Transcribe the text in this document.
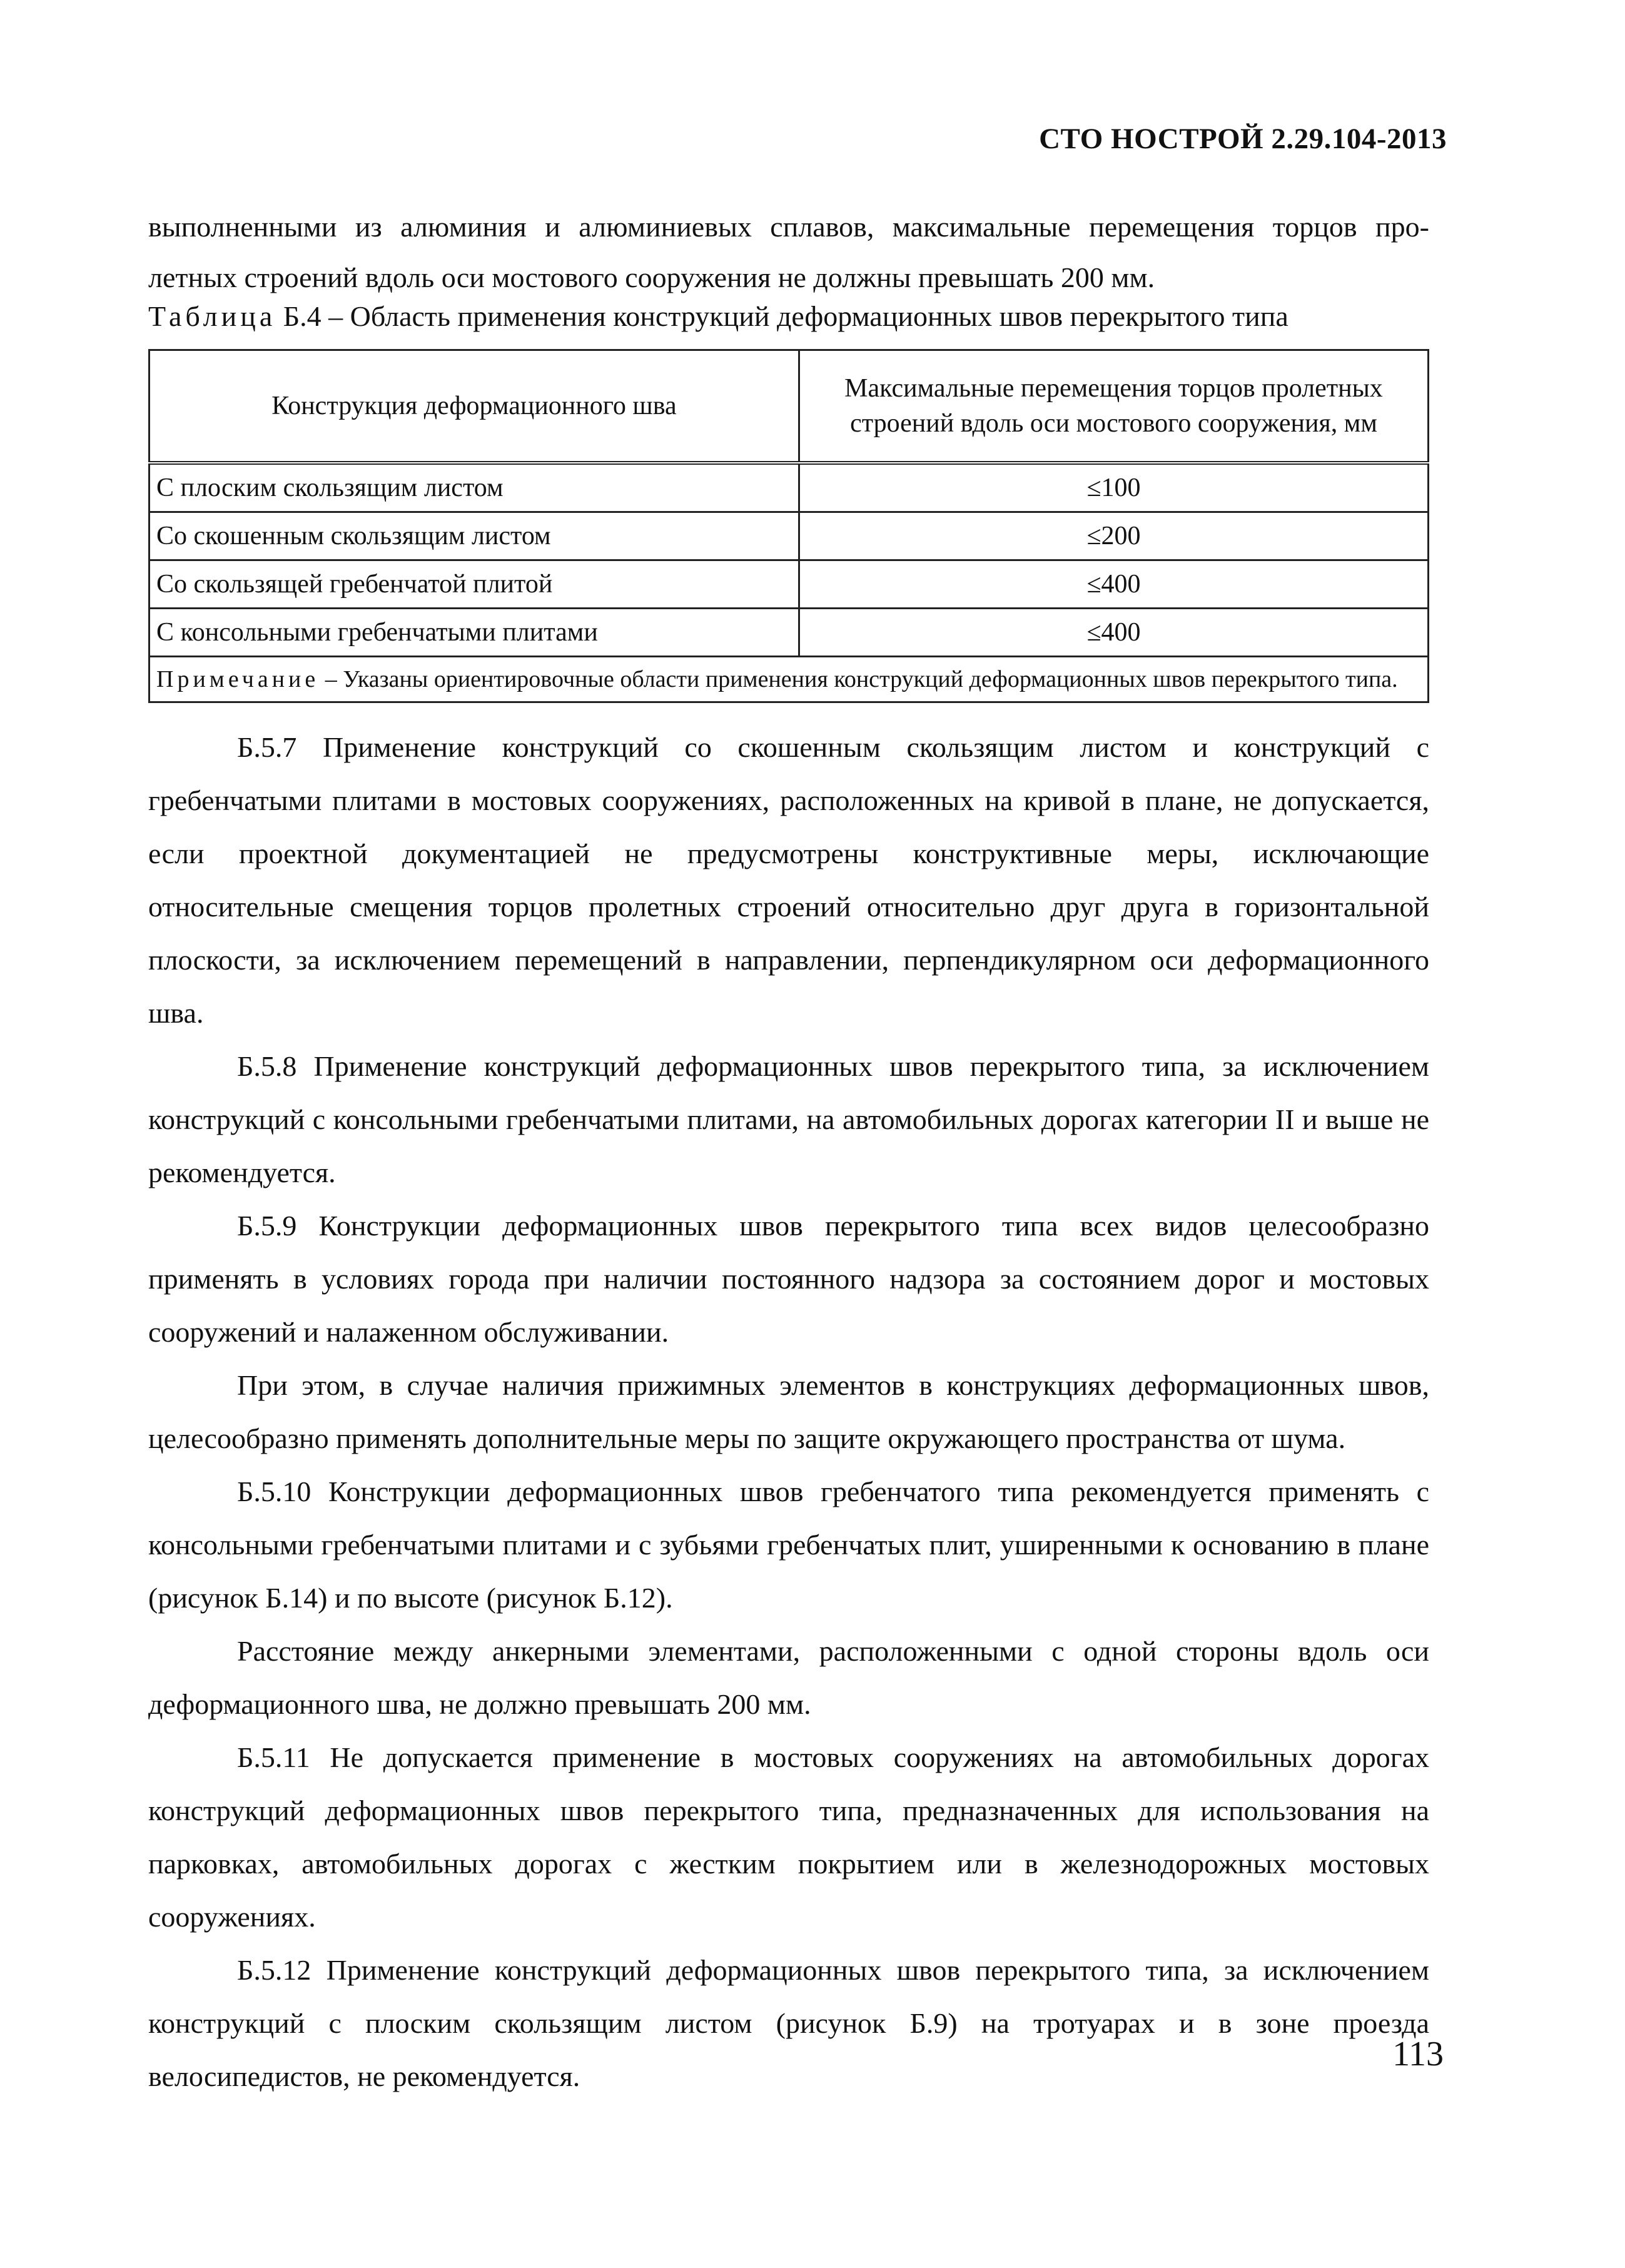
СТО НОСТРОЙ 2.29.104-2013
выполненными из алюминия и алюминиевых сплавов, максимальные перемещения торцов про-
летных строений вдоль оси мостового сооружения не должны превышать 200 мм.
Таблица Б.4 – Область применения конструкций деформационных швов перекрытого типа
Конструкция деформационного шва	Максимальные перемещения торцов пролетных строений вдоль оси мостового сооружения, мм
С плоским скользящим листом	≤100
Со скошенным скользящим листом	≤200
Со скользящей гребенчатой плитой	≤400
С консольными гребенчатыми плитами	≤400
Примечание – Указаны ориентировочные области применения конструкций деформационных швов перекрытого типа.	

Б.5.7 Применение конструкций со скошенным скользящим листом и конструкций с гребенчатыми плитами в мостовых сооружениях, расположенных на кривой в плане, не допускается, если проектной документацией не предусмотрены конструктивные меры, исключающие относительные смещения торцов пролетных строений относительно друг друга в горизонтальной плоскости, за исключением перемещений в направлении, перпендикулярном оси деформационного шва.

Б.5.8 Применение конструкций деформационных швов перекрытого типа, за исключением конструкций с консольными гребенчатыми плитами, на автомобильных дорогах категории II и выше не рекомендуется.

Б.5.9 Конструкции деформационных швов перекрытого типа всех видов целесообразно применять в условиях города при наличии постоянного надзора за состоянием дорог и мостовых сооружений и налаженном обслуживании.

При этом, в случае наличия прижимных элементов в конструкциях деформационных швов, целесообразно применять дополнительные меры по защите окружающего пространства от шума.

Б.5.10 Конструкции деформационных швов гребенчатого типа рекомендуется применять с консольными гребенчатыми плитами и с зубьями гребенчатых плит, уширенными к основанию в плане (рисунок Б.14) и по высоте (рисунок Б.12).

Расстояние между анкерными элементами, расположенными с одной стороны вдоль оси деформационного шва, не должно превышать 200 мм.

Б.5.11 Не допускается применение в мостовых сооружениях на автомобильных дорогах конструкций деформационных швов перекрытого типа, предназначенных для использования на парковках, автомобильных дорогах с жестким покрытием или в железнодорожных мостовых сооружениях.

Б.5.12 Применение конструкций деформационных швов перекрытого типа, за исключением конструкций с плоским скользящим листом (рисунок Б.9) на тротуарах и в зоне проезда велосипедистов, не рекомендуется.

113
